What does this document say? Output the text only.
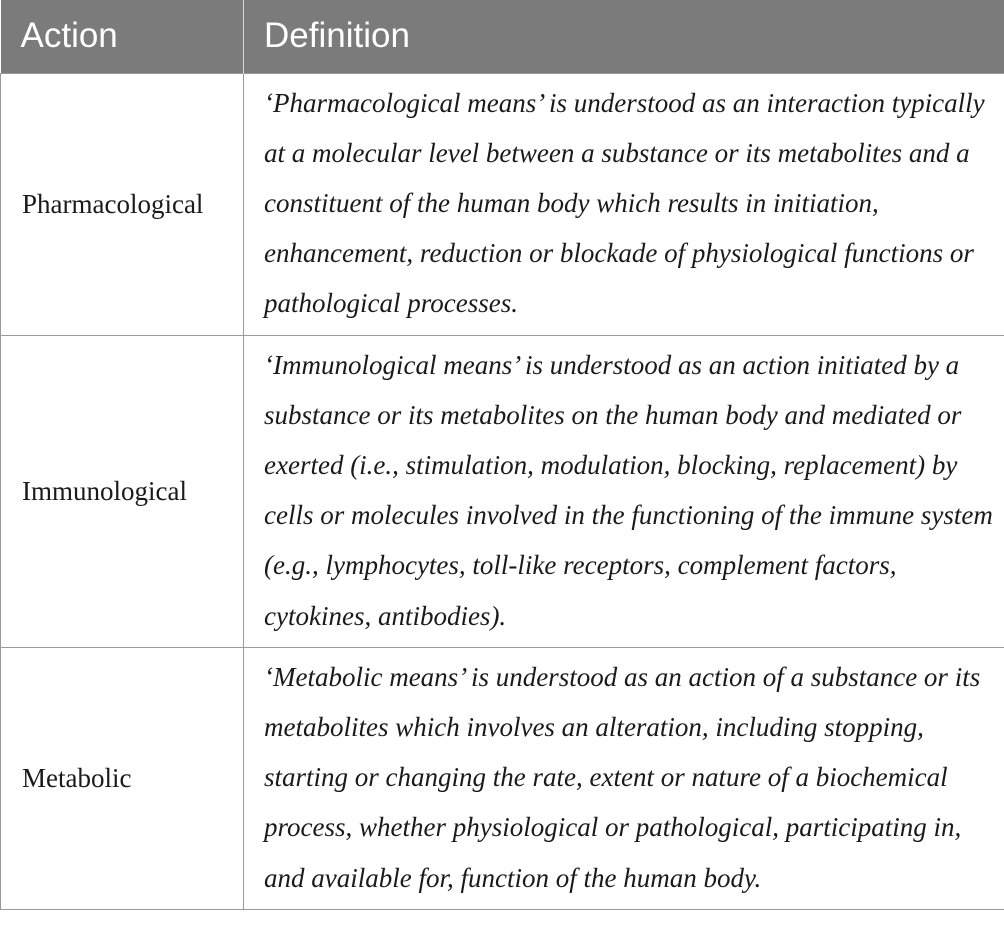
Action	Definition
Pharmacological	‘Pharmacological means’ is understood as an interaction typically at a molecular level between a substance or its metabolites and a constituent of the human body which results in initiation, enhancement, reduction or blockade of physiological functions or pathological processes.
Immunological	‘Immunological means’ is understood as an action initiated by a substance or its metabolites on the human body and mediated or exerted (i.e., stimulation, modulation, blocking, replacement) by cells or molecules involved in the functioning of the immune system (e.g., lymphocytes, toll-like receptors, complement factors, cytokines, antibodies).
Metabolic	‘Metabolic means’ is understood as an action of a substance or its metabolites which involves an alteration, including stopping, starting or changing the rate, extent or nature of a biochemical process, whether physiological or pathological, participating in, and available for, function of the human body.
